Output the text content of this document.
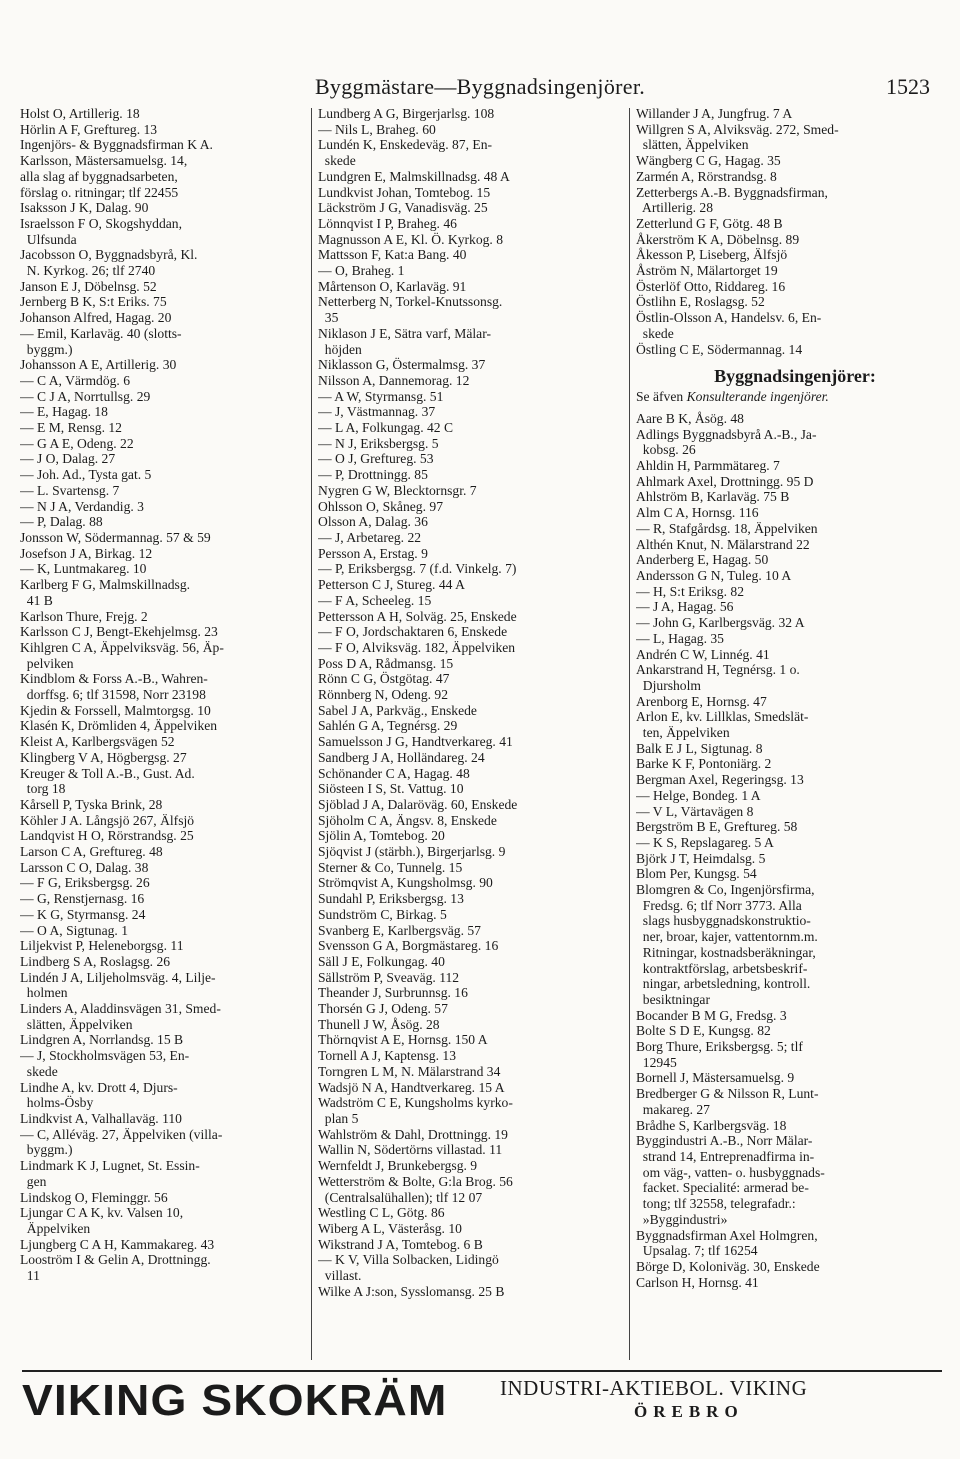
Byggmästare—Byggnadsingenjörer.	1523
Holst O, Artillerig. 18
Hörlin A F, Greftureg. 13
Ingenjörs- & Byggnadsfirman K A.
Karlsson, Mästersamuelsg. 14,
alla slag af byggnadsarbeten,
förslag o. ritningar; tlf 22455
Isaksson J K, Dalag. 90
Israelsson F O, Skogshyddan,
Ulfsunda
Jacobsson O, Byggnadsbyrå, Kl.
N. Kyrkog. 26; tlf 2740
Janson E J, Döbelnsg. 52
Jernberg B K, S:t Eriks. 75
Johanson Alfred, Hagag. 20
— Emil, Karlaväg. 40 (slotts-
byggm.)
Johansson A E, Artillerig. 30
— C A, Värmdög. 6
— C J A, Norrtullsg. 29
— E, Hagag. 18
— E M, Rensg. 12
— G A E, Odeng. 22
— J O, Dalag. 27
— Joh. Ad., Tysta gat. 5
— L. Svartensg. 7
— N J A, Verdandig. 3
— P, Dalag. 88
Jonsson W, Södermannag. 57 & 59
Josefson J A, Birkag. 12
— K, Luntmakareg. 10
Karlberg F G, Malmskillnadsg.
41 B
Karlson Thure, Frejg. 2
Karlsson C J, Bengt-Ekehjelmsg. 23
Kihlgren C A, Äppelviksväg. 56, Äp-
pelviken
Kindblom & Forss A.-B., Wahren-
dorffsg. 6; tlf 31598, Norr 23198
Kjedin & Forssell, Malmtorgsg. 10
Klasén K, Drömliden 4, Äppelviken
Kleist A, Karlbergsvägen 52
Klingberg V A, Högbergsg. 27
Kreuger & Toll A.-B., Gust. Ad.
torg 18
Kårsell P, Tyska Brink, 28
Köhler J A. Långsjö 267, Älfsjö
Landqvist H O, Rörstrandsg. 25
Larson C A, Grefturеg. 48
Larsson C O, Dalag. 38
— F G, Eriksbergsg. 26
— G, Renstjernasg. 16
— K G, Styrmansg. 24
— O A, Sigtunag. 1
Liljekvist P, Heleneborgsg. 11
Lindberg S A, Roslagsg. 26
Lindén J A, Liljeholmsväg. 4, Lilje-
holmen
Linders A, Aladdinsvägen 31, Smed-
slätten, Äppelviken
Lindgren A, Norrlandsg. 15 B
— J, Stockholmsvägen 53, En-
skede
Lindhe A, kv. Drott 4, Djurs-
holms-Ösby
Lindkvist A, Valhallaväg. 110
— C, Alléväg. 27, Äppelviken (villa-
byggm.)
Lindmark K J, Lugnet, St. Essin-
gen
Lindskog O, Fleminggr. 56
Ljungar C A K, kv. Valsen 10,
Äppelviken
Ljungberg C A H, Kammakareg. 43
Looström I & Gelin A, Drottningg.
11
Lundberg A G, Birgerjarlsg. 108
— Nils L, Braheg. 60
Lundén K, Enskedeväg. 87, En-
skede
Lundgren E, Malmskillnadsg. 48 A
Lundkvist Johan, Tomtebog. 15
Läckström J G, Vanadisväg. 25
Lönnqvist I P, Braheg. 46
Magnusson A E, Kl. Ö. Kyrkog. 8
Mattsson F, Kat:a Bang. 40
— O, Braheg. 1
Mårtenson O, Karlaväg. 91
Netterberg N, Torkel-Knutssonsg.
35
Niklason J E, Sätra varf, Mälar-
höjden
Niklasson G, Östermalmsg. 37
Nilsson A, Dannemorag. 12
— A W, Styrmansg. 51
— J, Västmannag. 37
— L A, Folkungag. 42 C
— N J, Eriksbergsg. 5
— O J, Grefturеg. 53
— P, Drottningg. 85
Nygren G W, Blecktornsgr. 7
Ohlsson O, Skåneg. 97
Olsson A, Dalag. 36
— J, Arbetareg. 22
Persson A, Erstag. 9
— P, Eriksbergsg. 7 (f.d. Vinkelg. 7)
Petterson C J, Stureg. 44 A
— F A, Scheeleg. 15
Pettersson A H, Solväg. 25, Enskede
— F O, Jordschaktaren 6, Enskede
— F O, Alviksväg. 182, Äppelviken
Poss D A, Rådmansg. 15
Rönn C G, Östgötag. 47
Rönnberg N, Odeng. 92
Sabel J A, Parkväg., Enskede
Sahlén G A, Tegnérsg. 29
Samuelsson J G, Handtverkareg. 41
Sandberg J A, Holländareg. 24
Schönander C A, Hagag. 48
Siösteen I S, St. Vattug. 10
Sjöblad J A, Dalaröväg. 60, Enskede
Sjöholm C A, Ängsv. 8, Enskede
Sjölin A, Tomtebog. 20
Sjöqvist J (stärbh.), Birgerjarlsg. 9
Sterner & Co, Tunnelg. 15
Strömqvist A, Kungsholmsg. 90
Sundahl P, Eriksbergsg. 13
Sundström C, Birkag. 5
Svanberg E, Karlbergsväg. 57
Svensson G A, Borgmästareg. 16
Säll J E, Folkungag. 40
Sällström P, Sveaväg. 112
Theander J, Surbrunnsg. 16
Thorsén G J, Odeng. 57
Thunell J W, Åsög. 28
Thörnqvist A E, Hornsg. 150 A
Tornell A J, Kaptensg. 13
Torngren L M, N. Mälarstrand 34
Wadsjö N A, Handtverkareg. 15 A
Wadström C E, Kungsholms kyrko-
plan 5
Wahlström & Dahl, Drottningg. 19
Wallin N, Södertörns villastad. 11
Wernfeldt J, Brunkebergsg. 9
Wetterström & Bolte, G:la Brog. 56
(Centralsalühallen); tlf 12 07
Westling C L, Götg. 86
Wiberg A L, Västeråsg. 10
Wikstrand J A, Tomtebog. 6 B
— K V, Villa Solbacken, Lidingö
villast.
Wilke A J:son, Sysslomansg. 25 B
Willander J A, Jungfrug. 7 A
Willgren S A, Alviksväg. 272, Smed-
slätten, Äppelviken
Wängberg C G, Hagag. 35
Zarmén A, Rörstrandsg. 8
Zetterbergs A.-B. Byggnadsfirman,
Artillerig. 28
Zetterlund G F, Götg. 48 B
Åkerström K A, Döbelnsg. 89
Åkesson P, Liseberg, Älfsjö
Åström N, Mälartorget 19
Österlöf Otto, Riddareg. 16
Östlihn E, Roslagsg. 52
Östlin-Olsson A, Handelsv. 6, En-
skede
Östling C E, Södermannag. 14
Byggnadsingenjörer:
Se äfven Konsulterande ingenjörer.
Aare B K, Åsög. 48
Adlings Byggnadsbyrå A.-B., Ja-
kobsg. 26
Ahldin H, Parmmätareg. 7
Ahlmark Axel, Drottningg. 95 D
Ahlström B, Karlaväg. 75 B
Alm C A, Hornsg. 116
— R, Stafgårdsg. 18, Äppelviken
Althén Knut, N. Mälarstrand 22
Anderberg E, Hagag. 50
Andersson G N, Tuleg. 10 A
— H, S:t Eriksg. 82
— J A, Hagag. 56
— John G, Karlbergsväg. 32 A
— L, Hagag. 35
Andrén C W, Linnég. 41
Ankarstrand H, Tegnérsg. 1 o.
Djursholm
Arenborg E, Hornsg. 47
Arlon E, kv. Lillklas, Smedslät-
ten, Äppelviken
Balk E J L, Sigtunag. 8
Barke K F, Pontoniärg. 2
Bergman Axel, Regeringsg. 13
— Helge, Bondeg. 1 A
— V L, Värtavägen 8
Bergström B E, Grefturеg. 58
— K S, Repslagareg. 5 A
Björk J T, Heimdalsg. 5
Blom Per, Kungsg. 54
Blomgren & Co, Ingenjörsfirma,
Fredsg. 6; tlf Norr 3773. Alla
slags husbyggnadskonstruktio-
ner, broar, kajer, vattentornm.m.
Ritningar, kostnadsberäkningar,
kontraktförslag, arbetsbeskrif-
ningar, arbetsledning, kontroll.
besiktningar
Bocander B M G, Fredsg. 3
Bolte S D E, Kungsg. 82
Borg Thure, Eriksbergsg. 5; tlf
12945
Bornell J, Mästersamuelsg. 9
Bredberger G & Nilsson R, Lunt-
makareg. 27
Brådhe S, Karlbergsväg. 18
Bygginduѕtri A.-B., Norr Mälar-
strand 14, Entreprenadfirma in-
om väg-, vatten- o. husbyggnads-
facket. Specialité: armerad be-
tong; tlf 32558, telegrafadr.:
»Byggindustri»
Byggnadsfirman Axel Holmgren,
Upsalag. 7; tlf 16254
Börge D, Koloniväg. 30, Enskede
Carlson H, Hornsg. 41
VIKING SKOKRÄM	INDUSTRI-AKTIEBOL. VIKING
ÖREBRO
